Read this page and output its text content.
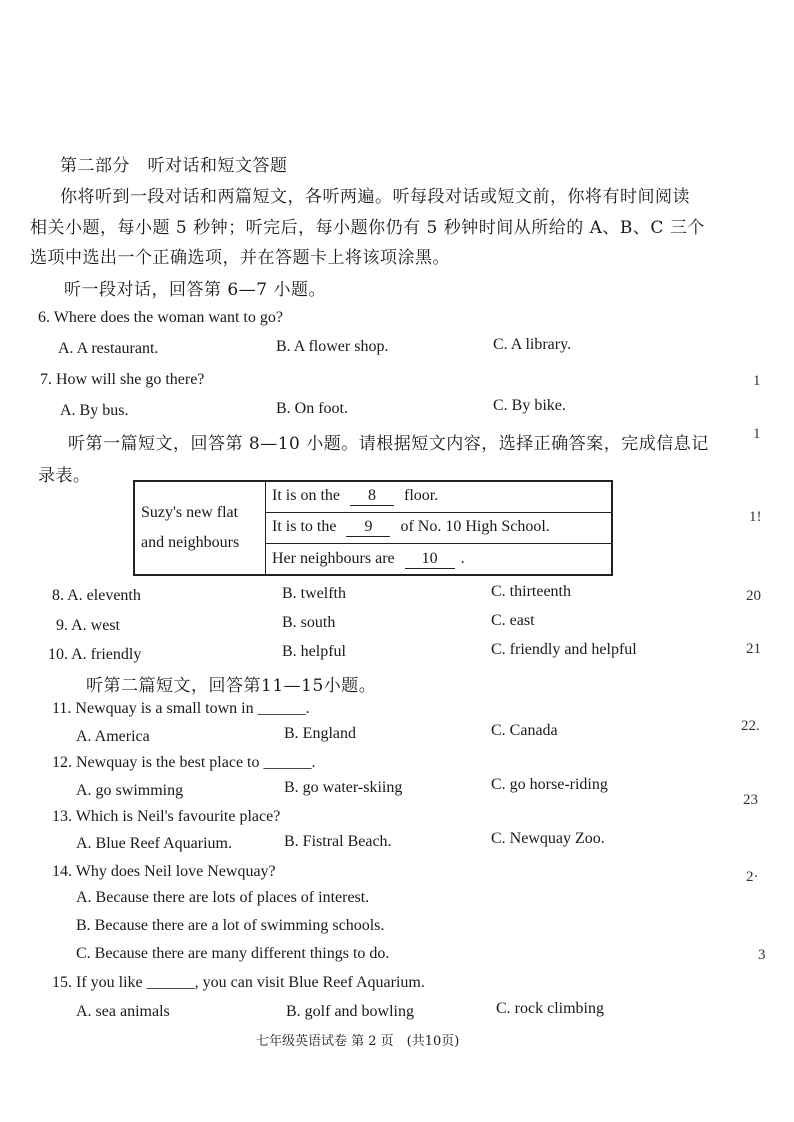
第二部分　听对话和短文答题
你将听到一段对话和两篇短文，各听两遍。听每段对话或短文前，你将有时间阅读
相关小题，每小题 5 秒钟；听完后，每小题你仍有 5 秒钟时间从所给的 A、B、C 三个
选项中选出一个正确选项，并在答题卡上将该项涂黑。
听一段对话，回答第 6—7 小题。
6. Where does the woman want to go?
A. A restaurant.	B. A flower shop.	C. A library.
7. How will she go there?
A. By bus.	B. On foot.	C. By bike.
听第一篇短文，回答第 8—10 小题。请根据短文内容，选择正确答案，完成信息记
录表。
Suzy's new flat
and neighbours
	It is on the 8 floor.
It is to the 9 of No. 10 High School.
Her neighbours are 10 .
8. A. eleventh	B. twelfth	C. thirteenth
9. A. west	B. south	C. east
10. A. friendly	B. helpful	C. friendly and helpful
听第二篇短文，回答第11—15小题。
11. Newquay is a small town in ______.
A. America	B. England	C. Canada
12. Newquay is the best place to ______.
A. go swimming	B. go water-skiing	C. go horse-riding
13. Which is Neil's favourite place?
A. Blue Reef Aquarium.	B. Fistral Beach.	C. Newquay Zoo.
14. Why does Neil love Newquay?
A. Because there are lots of places of interest.
B. Because there are a lot of swimming schools.
C. Because there are many different things to do.
15. If you like ______, you can visit Blue Reef Aquarium.
A. sea animals	B. golf and bowling	C. rock climbing
七年级英语试卷 第 2 页　(共10页)
1
1
1!
20
21
22.
23
2·
3
